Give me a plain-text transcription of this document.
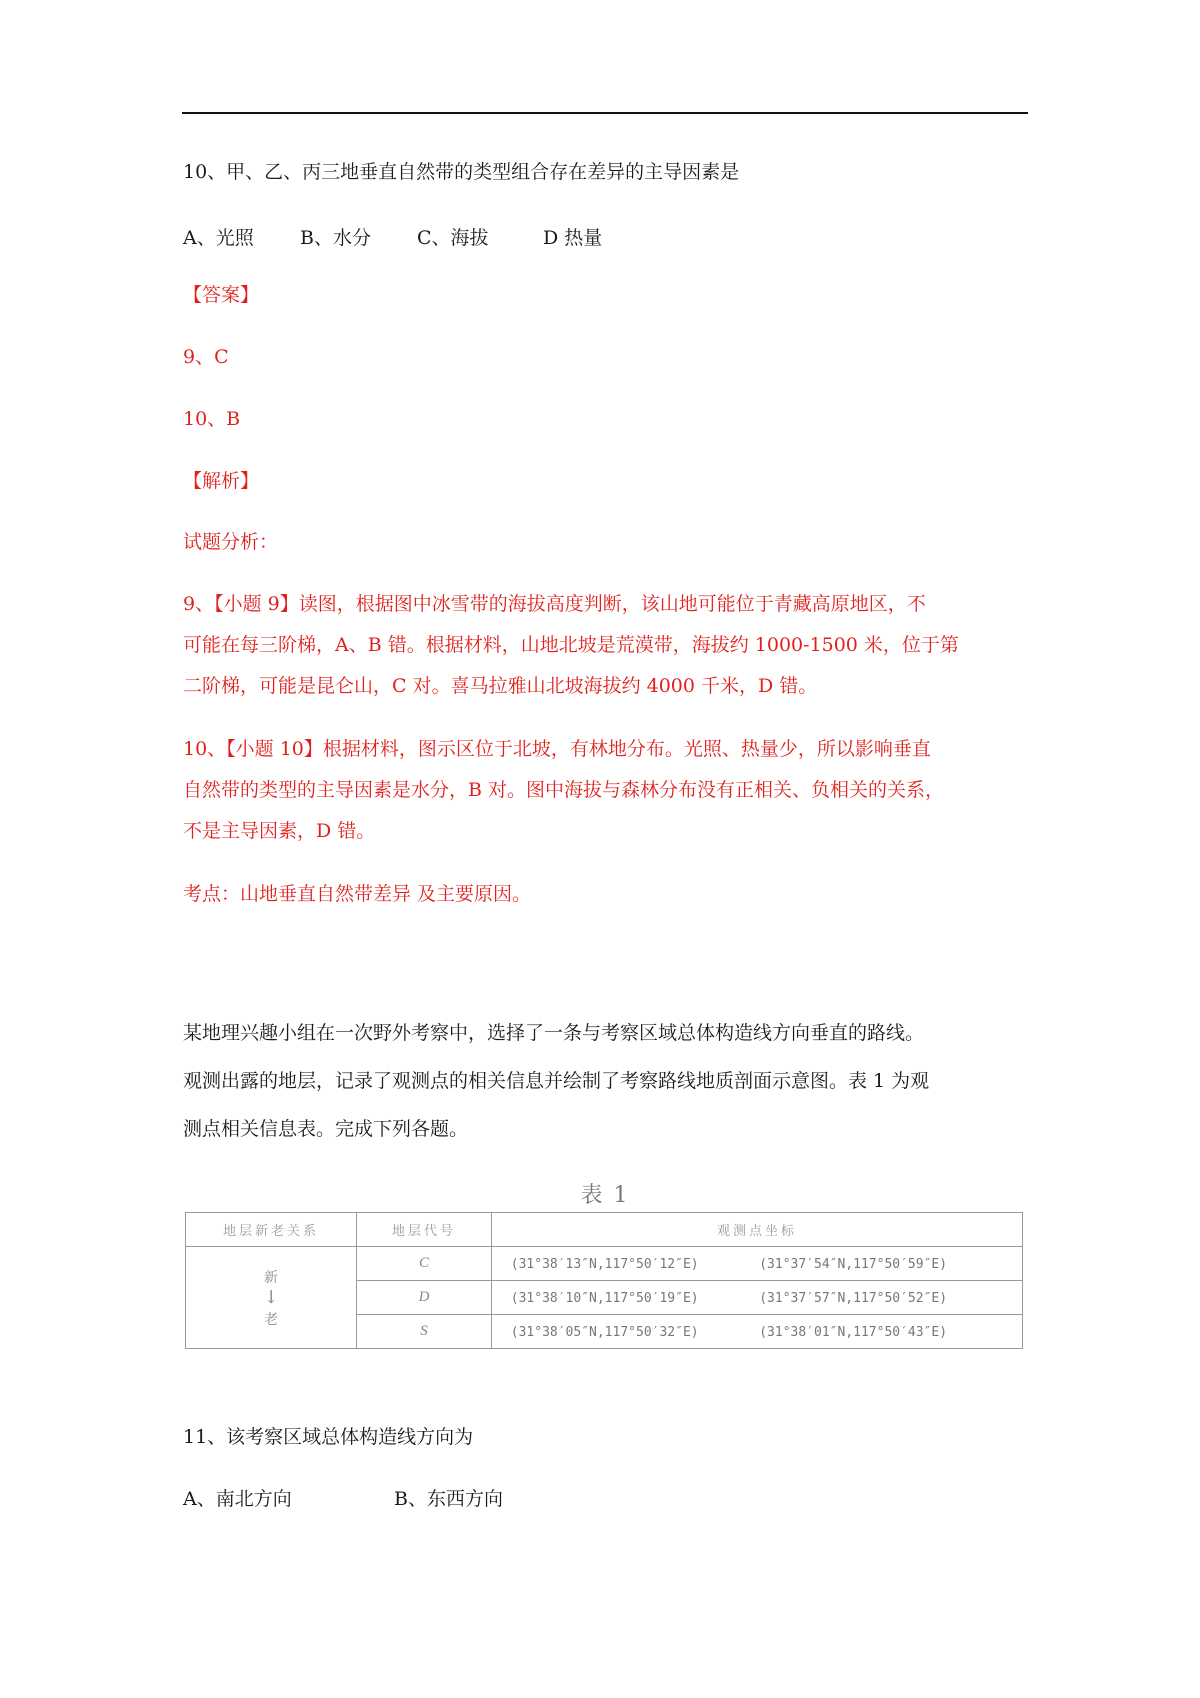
10、甲、乙、丙三地垂直自然带的类型组合存在差异的主导因素是
A、光照 B、水分 C、海拔	D 热量
【答案】
9、C
10、B
【解析】
试题分析：
9、【小题 9】读图，根据图中冰雪带的海拔高度判断，该山地可能位于青藏高原地区，不
可能在每三阶梯，A、B 错。根据材料，山地北坡是荒漠带，海拔约 1000-1500 米，位于第
二阶梯，可能是昆仑山，C 对。喜马拉雅山北坡海拔约 4000 千米，D 错。
10、【小题 10】根据材料，图示区位于北坡，有林地分布。光照、热量少，所以影响垂直
自然带的类型的主导因素是水分，B 对。图中海拔与森林分布没有正相关、负相关的关系，
不是主导因素，D 错。
考点：山地垂直自然带差异 及主要原因。
某地理兴趣小组在一次野外考察中，选择了一条与考察区域总体构造线方向垂直的路线。
观测出露的地层，记录了观测点的相关信息并绘制了考察路线地质剖面示意图。表 1 为观
测点相关信息表。完成下列各题。
表 1
地层新老关系	地层代号	观测点坐标

新
↓
老	C	(31°38′13″N,117°50′12″E) (31°37′54″N,117°50′59″E)
	D	(31°38′10″N,117°50′19″E) (31°37′57″N,117°50′52″E)
	S	(31°38′05″N,117°50′32″E) (31°38′01″N,117°50′43″E)
11、该考察区域总体构造线方向为
A、南北方向	B、东西方向
